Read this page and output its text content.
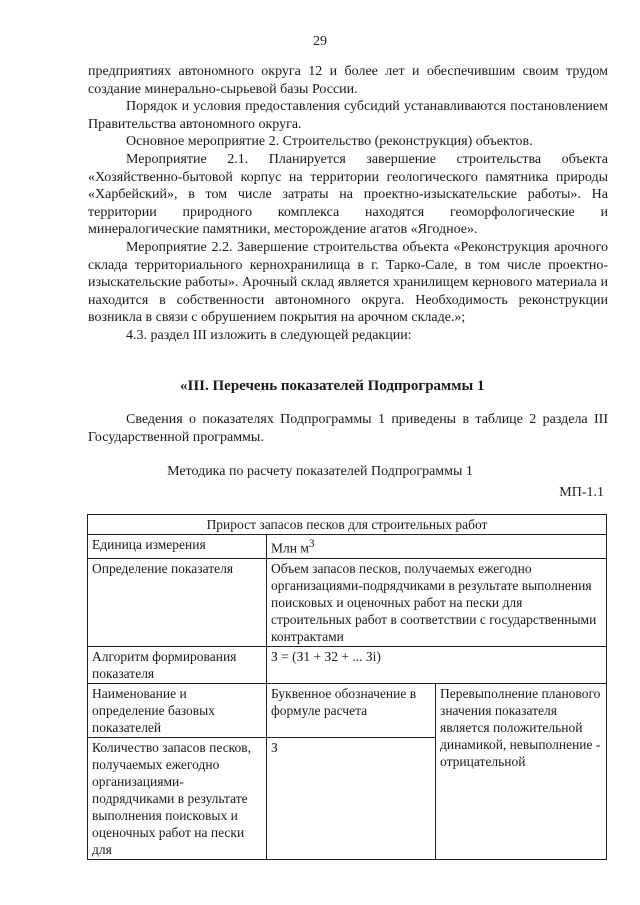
29

предприятиях автономного округа 12 и более лет и обеспечившим своим трудом создание минерально-сырьевой базы России.

Порядок и условия предоставления субсидий устанавливаются постановлением Правительства автономного округа.

Основное мероприятие 2. Строительство (реконструкция) объектов.

Мероприятие 2.1. Планируется завершение строительства объекта «Хозяйственно-бытовой корпус на территории геологического памятника природы «Харбейский», в том числе затраты на проектно-изыскательские работы». На территории природного комплекса находятся геоморфологические и минералогические памятники, месторождение агатов «Ягодное».

Мероприятие 2.2. Завершение строительства объекта «Реконструкция арочного склада территориального кернохранилища в г. Тарко-Сале, в том числе проектно-изыскательские работы». Арочный склад является хранилищем кернового материала и находится в собственности автономного округа. Необходимость реконструкции возникла в связи с обрушением покрытия на арочном складе.»;

4.3. раздел III изложить в следующей редакции:

«III. Перечень показателей Подпрограммы 1
Сведения о показателях Подпрограммы 1 приведены в таблице 2 раздела III Государственной программы.
Методика по расчету показателей Подпрограммы 1
МП-1.1
Прирост запасов песков для строительных работ		
Единица измерения	Млн $м^3$
Определение показателя	Объем запасов песков, получаемых ежегодно организациями-подрядчиками в результате выполнения поисковых и оценочных работ на пески для строительных работ в соответствии с государственными контрактами	
Алгоритм формирования показателя	З = (З1 + З2 + ... Зi)	
Наименование и определение базовых показателей	Буквенное обозначение в формуле расчета	Перевыполнение планового значения показателя является положительной динамикой, невыполнение - отрицательной
Количество запасов песков, получаемых ежегодно организациями-подрядчиками в результате выполнения поисковых и оценочных работ на пески для	З	
